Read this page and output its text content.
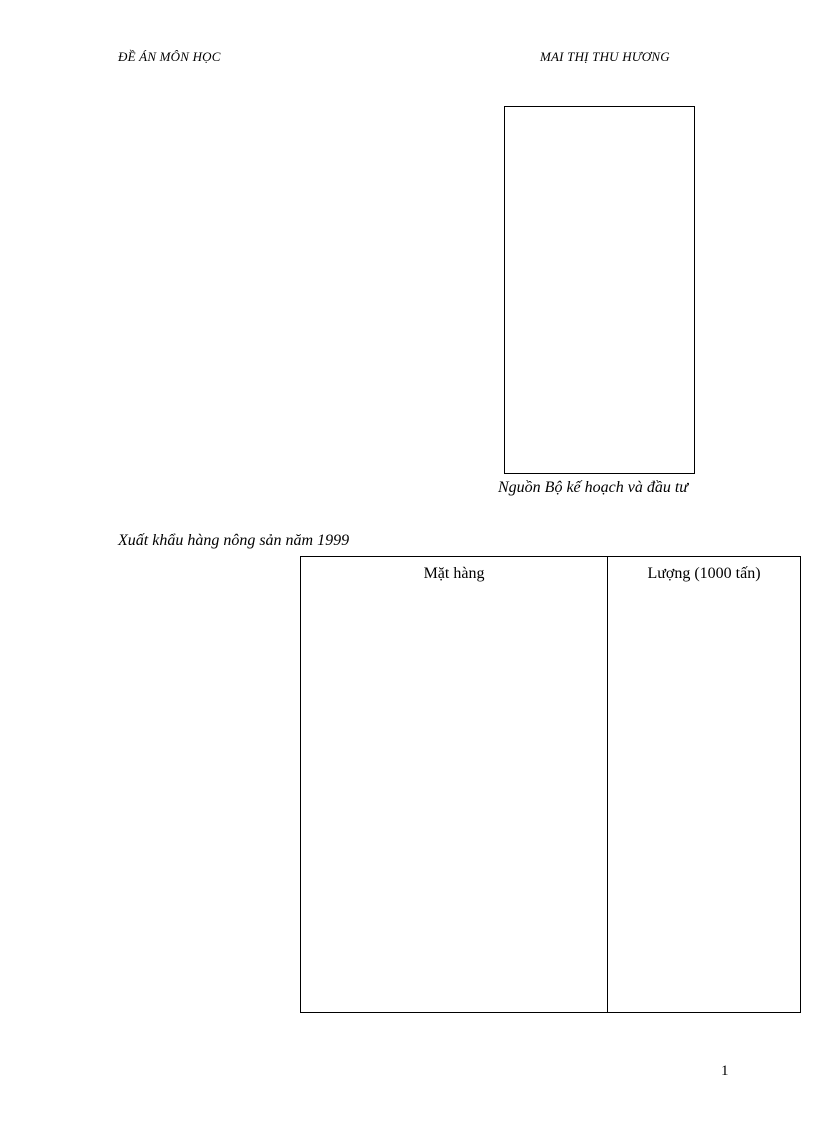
ĐỀ ÁN MÔN HỌC	MAI THỊ THU HƯƠNG
Nguồn Bộ kế hoạch và đầu tư
Xuất khẩu hàng nông sản năm 1999
Mặt hàng	Lượng (1000 tấn)

1
